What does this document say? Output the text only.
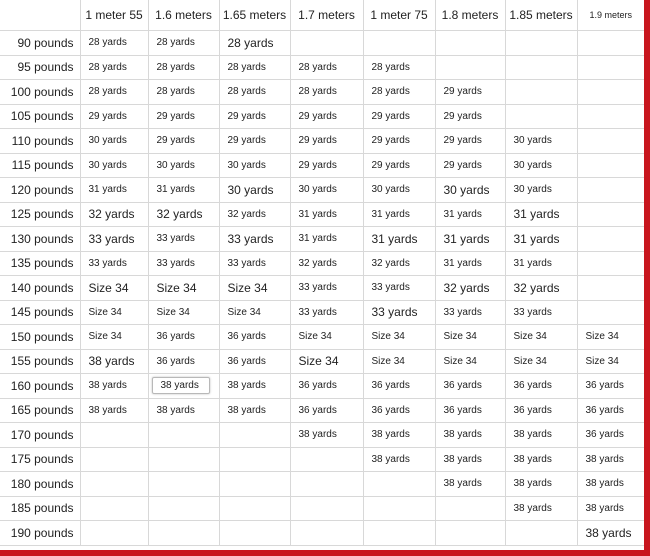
	1 meter 55	1.6 meters	1.65 meters	1.7 meters	1 meter 75	1.8 meters	1.85 meters	1.9 meters
90 pounds	28 yards	28 yards	28 yards					
95 pounds	28 yards	28 yards	28 yards	28 yards	28 yards			
100 pounds	28 yards	28 yards	28 yards	28 yards	28 yards	29 yards		
105 pounds	29 yards	29 yards	29 yards	29 yards	29 yards	29 yards		
110 pounds	30 yards	29 yards	29 yards	29 yards	29 yards	29 yards	30 yards	
115 pounds	30 yards	30 yards	30 yards	29 yards	29 yards	29 yards	30 yards	
120 pounds	31 yards	31 yards	30 yards	30 yards	30 yards	30 yards	30 yards	
125 pounds	32 yards	32 yards	32 yards	31 yards	31 yards	31 yards	31 yards	
130 pounds	33 yards	33 yards	33 yards	31 yards	31 yards	31 yards	31 yards	
135 pounds	33 yards	33 yards	33 yards	32 yards	32 yards	31 yards	31 yards	
140 pounds	Size 34	Size 34	Size 34	33 yards	33 yards	32 yards	32 yards	
145 pounds	Size 34	Size 34	Size 34	33 yards	33 yards	33 yards	33 yards	
150 pounds	Size 34	36 yards	36 yards	Size 34	Size 34	Size 34	Size 34	Size 34
155 pounds	38 yards	36 yards	36 yards	Size 34	Size 34	Size 34	Size 34	Size 34
160 pounds	38 yards	38 yards	38 yards	36 yards	36 yards	36 yards	36 yards	36 yards
165 pounds	38 yards	38 yards	38 yards	36 yards	36 yards	36 yards	36 yards	36 yards
170 pounds				38 yards	38 yards	38 yards	38 yards	36 yards
175 pounds					38 yards	38 yards	38 yards	38 yards
180 pounds						38 yards	38 yards	38 yards
185 pounds							38 yards	38 yards
190 pounds								38 yards
